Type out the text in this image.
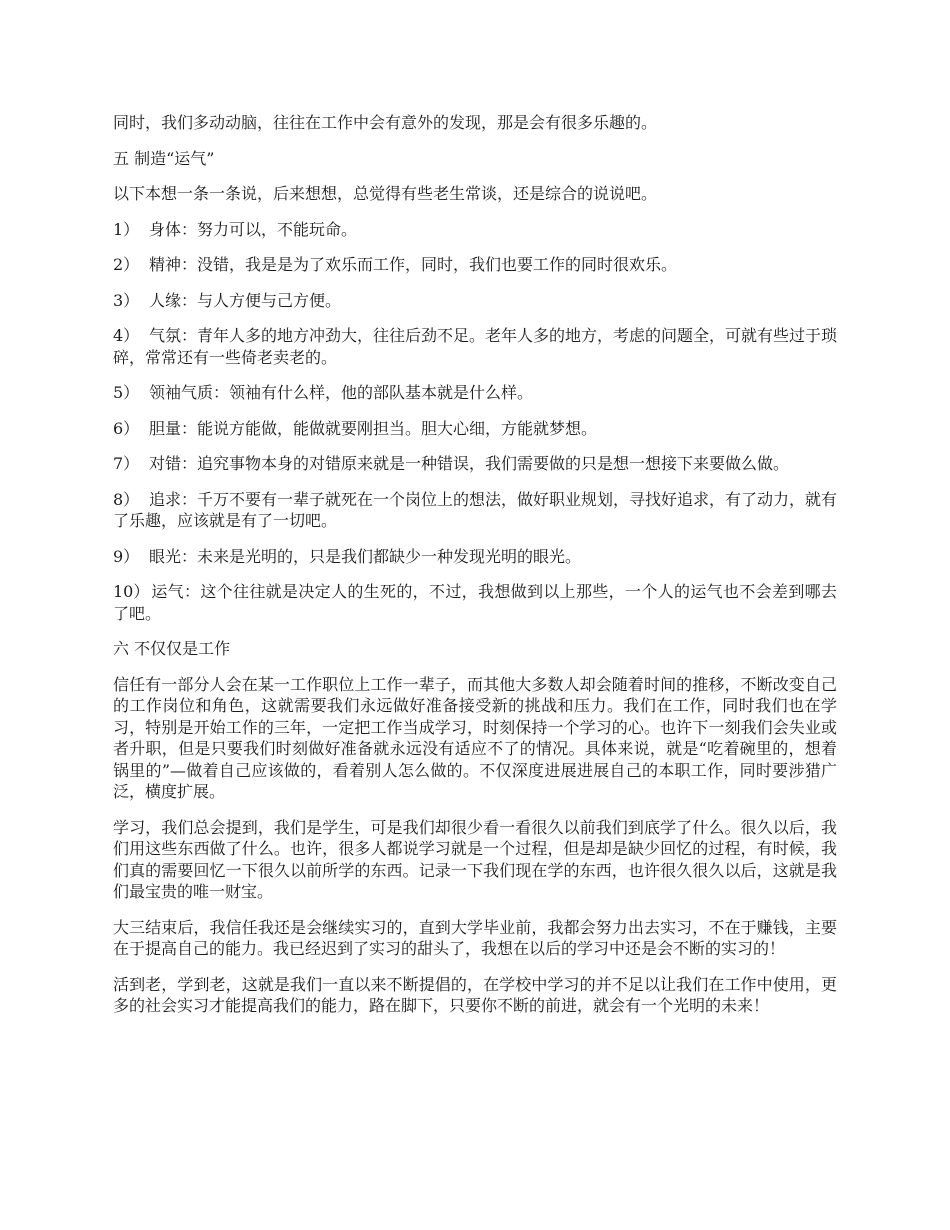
同时，我们多动动脑，往往在工作中会有意外的发现，那是会有很多乐趣的。

五 制造“运气”

以下本想一条一条说，后来想想，总觉得有些老生常谈，还是综合的说说吧。

1） 身体：努力可以，不能玩命。

2） 精神：没错，我是是为了欢乐而工作，同时，我们也要工作的同时很欢乐。

3） 人缘：与人方便与己方便。

4） 气氛：青年人多的地方冲劲大，往往后劲不足。老年人多的地方，考虑的问题全，可就有些过于琐碎，常常还有一些倚老卖老的。

5） 领袖气质：领袖有什么样，他的部队基本就是什么样。

6） 胆量：能说方能做，能做就要刚担当。胆大心细，方能就梦想。

7） 对错：追究事物本身的对错原来就是一种错误，我们需要做的只是想一想接下来要做么做。

8） 追求：千万不要有一辈子就死在一个岗位上的想法，做好职业规划，寻找好追求，有了动力，就有了乐趣，应该就是有了一切吧。

9） 眼光：未来是光明的，只是我们都缺少一种发现光明的眼光。

10） 运气：这个往往就是决定人的生死的，不过，我想做到以上那些，一个人的运气也不会差到哪去了吧。

六 不仅仅是工作

信任有一部分人会在某一工作职位上工作一辈子，而其他大多数人却会随着时间的推移，不断改变自己的工作岗位和角色，这就需要我们永远做好准备接受新的挑战和压力。我们在工作，同时我们也在学习，特别是开始工作的三年，一定把工作当成学习，时刻保持一个学习的心。也许下一刻我们会失业或者升职，但是只要我们时刻做好准备就永远没有适应不了的情况。具体来说，就是“吃着碗里的，想着锅里的”—做着自己应该做的，看着别人怎么做的。不仅深度进展进展自己的本职工作，同时要涉猎广泛，横度扩展。

学习，我们总会提到，我们是学生，可是我们却很少看一看很久以前我们到底学了什么。很久以后，我们用这些东西做了什么。也许，很多人都说学习就是一个过程，但是却是缺少回忆的过程，有时候，我们真的需要回忆一下很久以前所学的东西。记录一下我们现在学的东西，也许很久很久以后，这就是我们最宝贵的唯一财宝。

大三结束后，我信任我还是会继续实习的，直到大学毕业前，我都会努力出去实习，不在于赚钱，主要在于提高自己的能力。我已经迟到了实习的甜头了，我想在以后的学习中还是会不断的实习的！

活到老，学到老，这就是我们一直以来不断提倡的，在学校中学习的并不足以让我们在工作中使用，更多的社会实习才能提高我们的能力，路在脚下，只要你不断的前进，就会有一个光明的未来！
